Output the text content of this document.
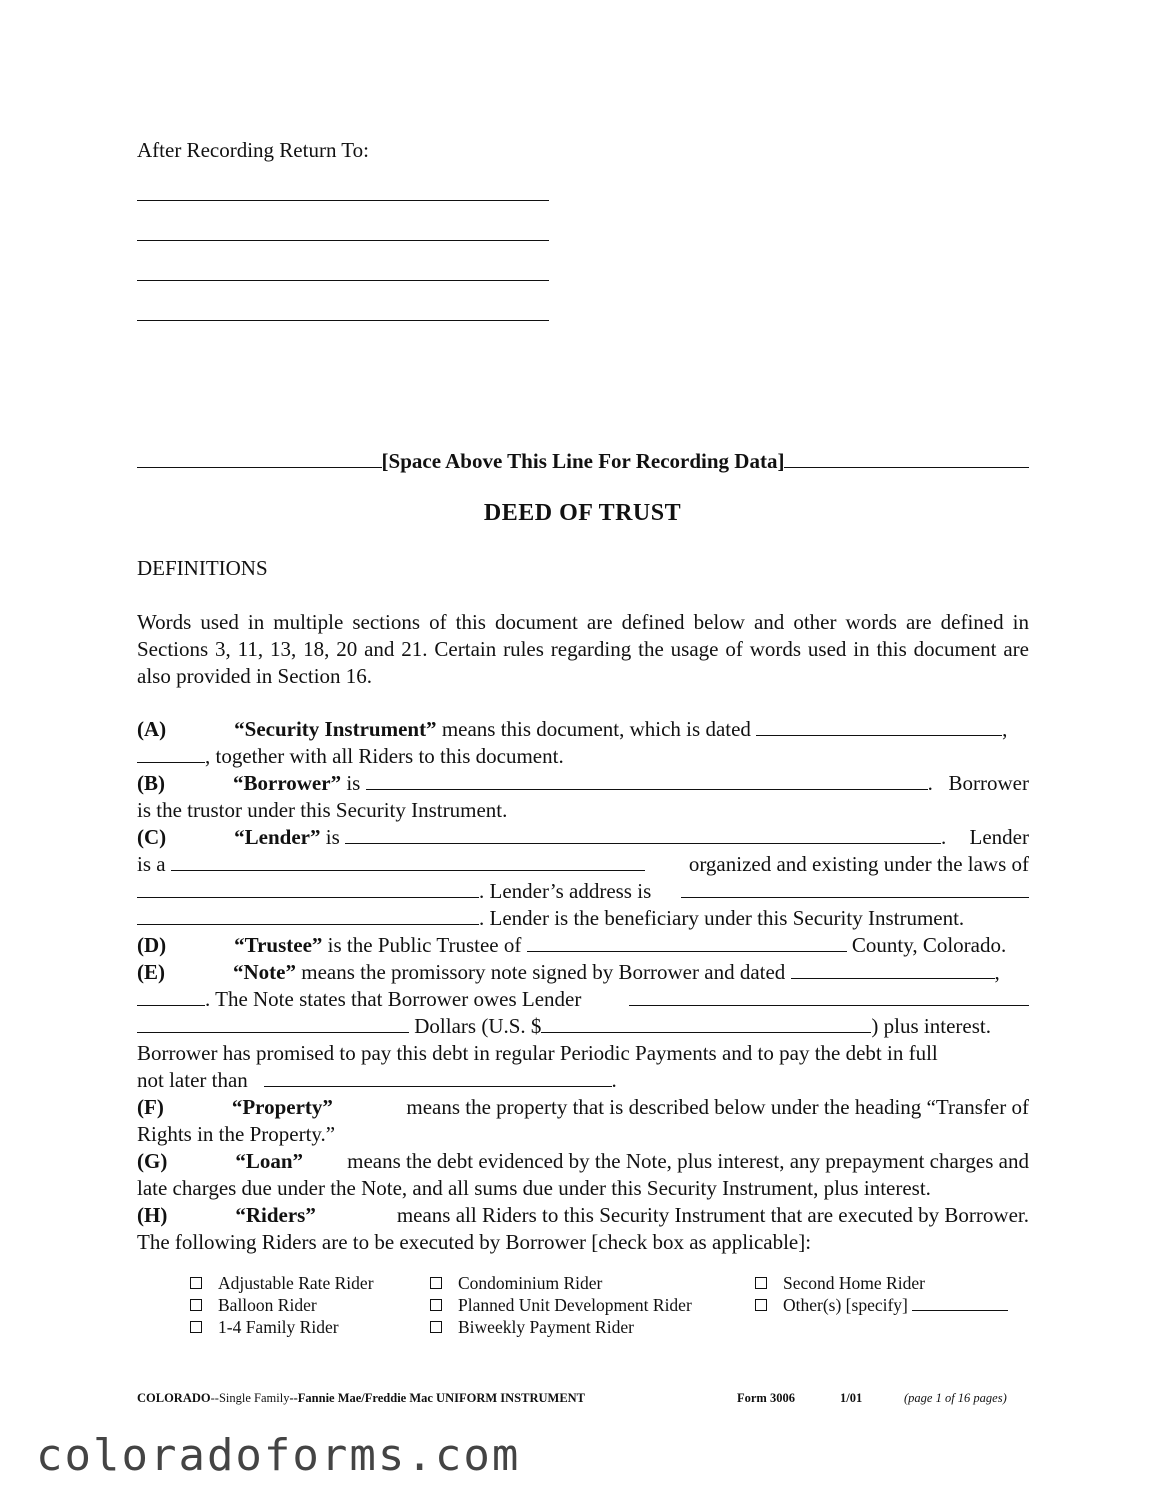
After Recording Return To:
[Space Above This Line For Recording Data]
DEED OF TRUST
DEFINITIONS
Words used in multiple sections of this document are defined below and other words are defined in Sections 3, 11, 13, 18, 20 and 21. Certain rules regarding the usage of words used in this document are also provided in Section 16.
(A)	“Security Instrument” means this document, which is dated	,
, together with all Riders to this document.
(B)	“Borrower” is	. Borrower
is the trustor under this Security Instrument.
(C)	“Lender” is	. Lender
is a	organized and existing under the laws of
. Lender’s address is
. Lender is the beneficiary under this Security Instrument.
(D)	“Trustee” is the Public Trustee of	County, Colorado.
(E)	“Note” means the promissory note signed by Borrower and dated	,
. The Note states that Borrower owes Lender
Dollars (U.S. $	) plus interest.
Borrower has promised to pay this debt in regular Periodic Payments and to pay the debt in full
not later than	.
(F)	“Property”	means the property that is described below under the heading “Transfer of
Rights in the Property.”
(G)	“Loan” means the debt evidenced by the Note, plus interest, any prepayment charges and
late charges due under the Note, and all sums due under this Security Instrument, plus interest.
(H)	“Riders”	means all Riders to this Security Instrument that are executed by Borrower.
The following Riders are to be executed by Borrower [check box as applicable]:
Adjustable Rate Rider	Condominium Rider	Second Home Rider
Balloon Rider	Planned Unit Development Rider	Other(s) [specify]
1-4 Family Rider	Biweekly Payment Rider
COLORADO--Single Family--Fannie Mae/Freddie Mac UNIFORM INSTRUMENT	Form 3006	1/01	(page 1 of 16 pages)
coloradoforms.com
